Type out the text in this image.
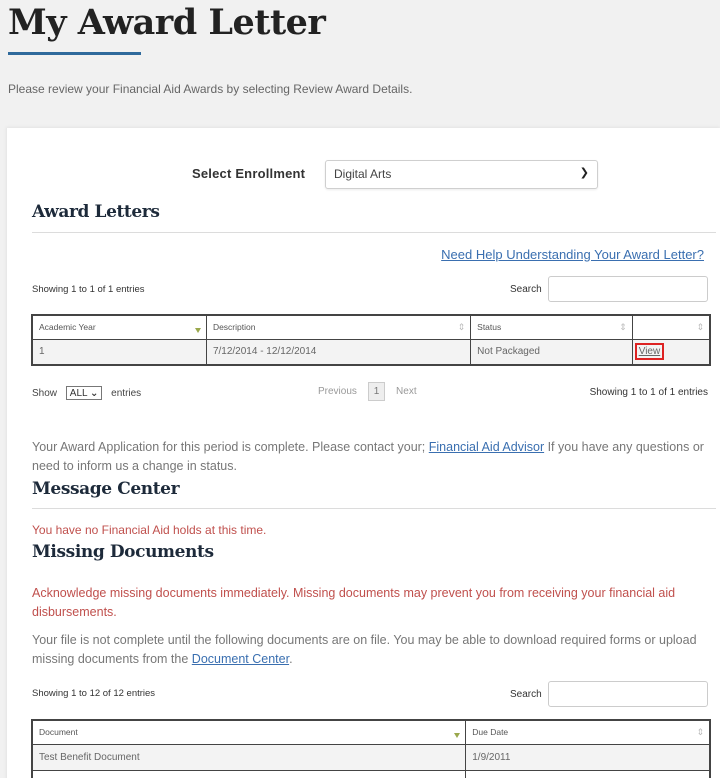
My Award Letter

Please review your Financial Aid Awards by selecting Review Award Details.

Select Enrollment	Digital Arts	❯
Award Letters
Need Help Understanding Your Award Letter?
Showing 1 to 1 of 1 entries	Search
Academic Year	Description ⇕	Status ⇕	⇕

1	7/12/2014 - 12/12/2014	Not Packaged	View
Show ALL ⌄ entries	Previous 1 Next	Showing 1 to 1 of 1 entries

Your Award Application for this period is complete. Please contact your; Financial Aid Advisor If you have any questions or need to inform us a change in status.

Message Center

You have no Financial Aid holds at this time.

Missing Documents

Acknowledge missing documents immediately. Missing documents may prevent you from receiving your financial aid disbursements.

Your file is not complete until the following documents are on file. You may be able to download required forms or upload missing documents from the Document Center.

Showing 1 to 12 of 12 entries	Search
Document	Due Date ⇕

Test Benefit Document	1/9/2011
